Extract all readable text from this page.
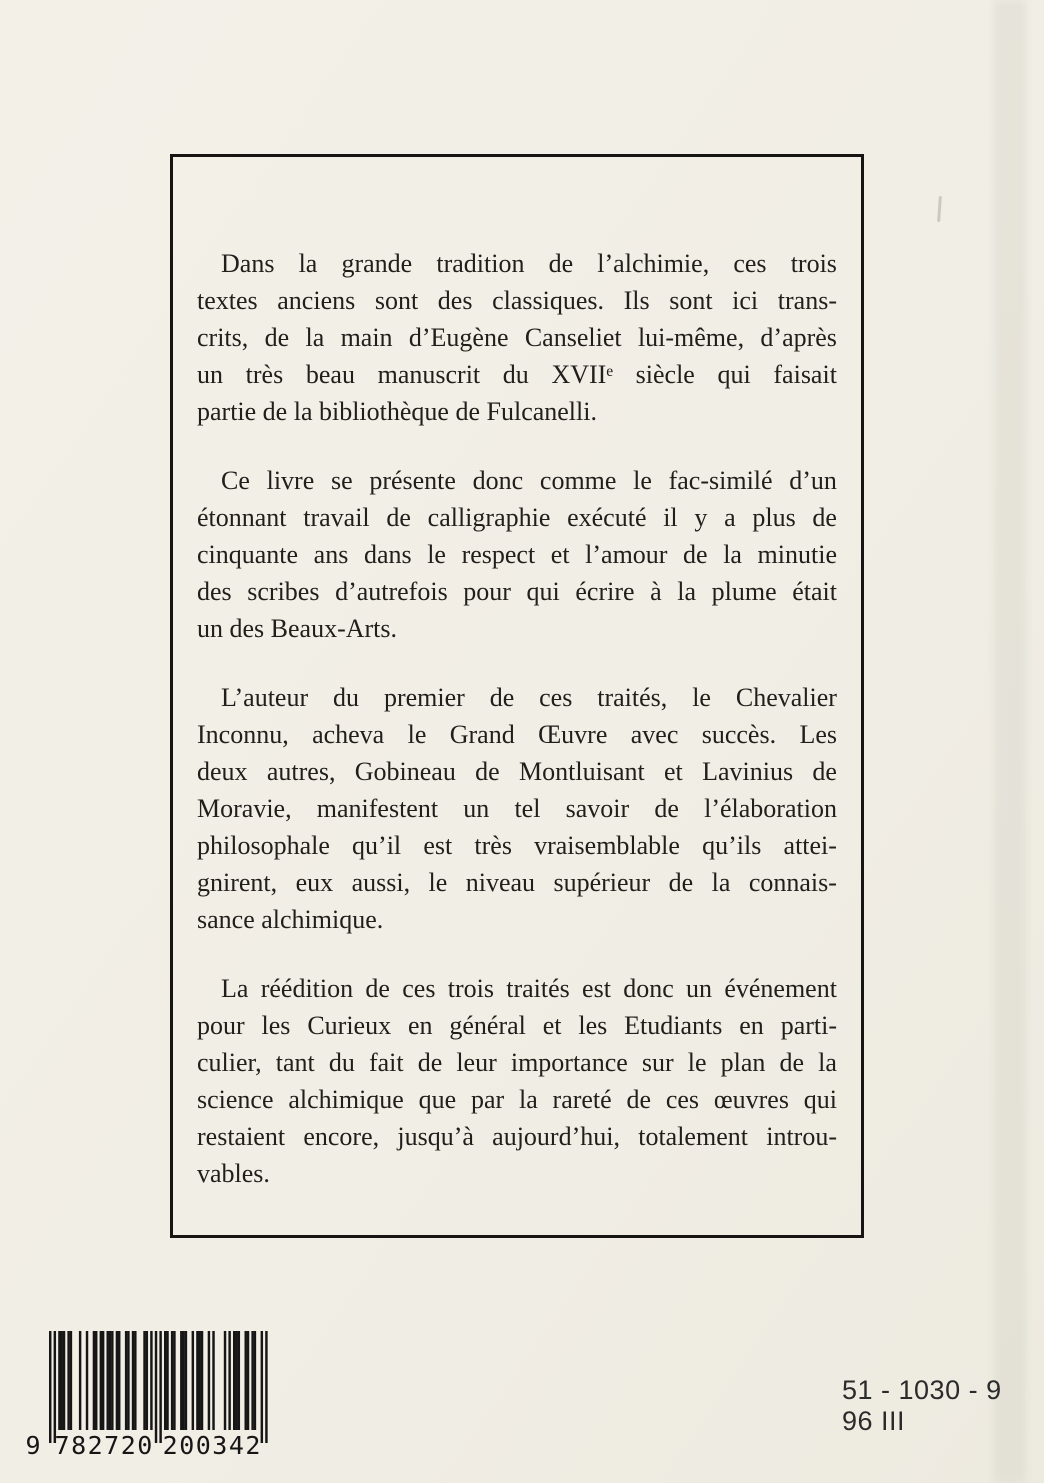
Dans la grande tradition de l’alchimie, ces trois
textes anciens sont des classiques. Ils sont ici trans-
crits, de la main d’Eugène Canseliet lui-même, d’après
un très beau manuscrit du XVIIᵉ siècle qui faisait
partie de la bibliothèque de Fulcanelli.
Ce livre se présente donc comme le fac-similé d’un
étonnant travail de calligraphie exécuté il y a plus de
cinquante ans dans le respect et l’amour de la minutie
des scribes d’autrefois pour qui écrire à la plume était
un des Beaux-Arts.
L’auteur du premier de ces traités, le Chevalier
Inconnu, acheva le Grand Œuvre avec succès. Les
deux autres, Gobineau de Montluisant et Lavinius de
Moravie, manifestent un tel savoir de l’élaboration
philosophale qu’il est très vraisemblable qu’ils attei-
gnirent, eux aussi, le niveau supérieur de la connais-
sance alchimique.
La réédition de ces trois traités est donc un événement
pour les Curieux en général et les Etudiants en parti-
culier, tant du fait de leur importance sur le plan de la
science alchimique que par la rareté de ces œuvres qui
restaient encore, jusqu’à aujourd’hui, totalement introu-
vables.
9 782720 200342
51 - 1030 - 9
96 III
